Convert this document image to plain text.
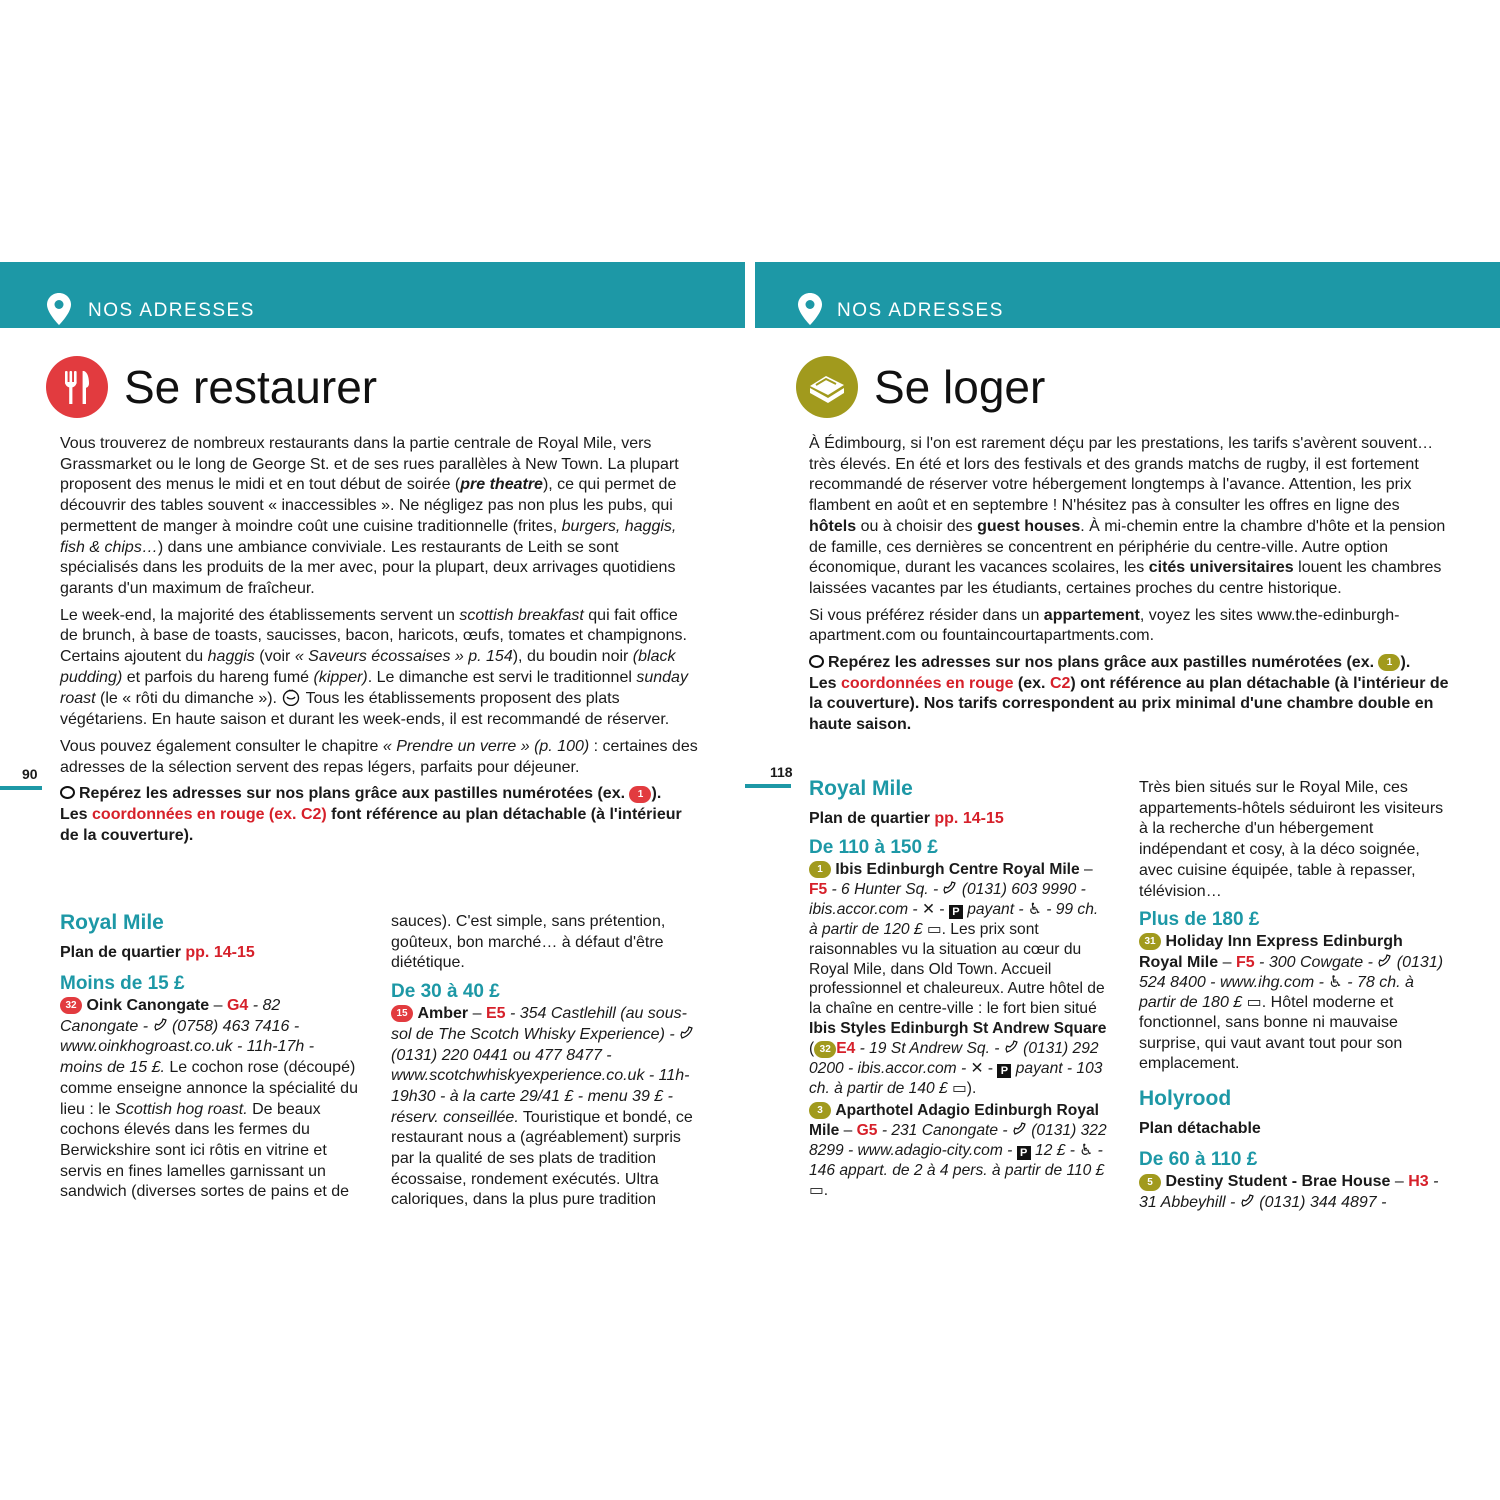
NOS ADRESSES	NOS ADRESSES
Se restaurer	Se loger
90	118

Vous trouverez de nombreux restaurants dans la partie centrale de Royal Mile, vers Grassmarket ou le long de George St. et de ses rues parallèles à New Town. La plupart proposent des menus le midi et en tout début de soirée (pre theatre), ce qui permet de découvrir des tables souvent « inaccessibles ». Ne négligez pas non plus les pubs, qui permettent de manger à moindre coût une cuisine traditionnelle (frites, burgers, haggis, fish & chips…) dans une ambiance conviviale. Les restaurants de Leith se sont spécialisés dans les produits de la mer avec, pour la plupart, deux arrivages quotidiens garants d'un maximum de fraîcheur.

Le week-end, la majorité des établissements servent un scottish breakfast qui fait office de brunch, à base de toasts, saucisses, bacon, haricots, œufs, tomates et champignons. Certains ajoutent du haggis (voir « Saveurs écossaises » p. 154), du boudin noir (black pudding) et parfois du hareng fumé (kipper). Le dimanche est servi le traditionnel sunday roast (le « rôti du dimanche »).  Tous les établissements proposent des plats végétariens. En haute saison et durant les week-ends, il est recommandé de réserver.

Vous pouvez également consulter le chapitre « Prendre un verre » (p. 100) : certaines des adresses de la sélection servent des repas légers, parfaits pour déjeuner.

Repérez les adresses sur nos plans grâce aux pastilles numérotées (ex. 1 ).
Les coordonnées en rouge (ex. C2) font référence au plan détachable (à l'intérieur de la couverture).

Royal Mile
Plan de quartier pp. 14-15
Moins de 15 £

32 Oink Canongate – G4 - 82 Canongate -  (0758) 463 7416 - www.oinkhogroast.co.uk - 11h-17h - moins de 15 £. Le cochon rose (découpé) comme enseigne annonce la spécialité du lieu : le Scottish hog roast. De beaux cochons élevés dans les fermes du Berwickshire sont ici rôtis en vitrine et servis en fines lamelles garnissant un sandwich (diverses sortes de pains et de

sauces). C'est simple, sans prétention, goûteux, bon marché… à défaut d'être diététique.

De 30 à 40 £

15 Amber – E5 - 354 Castlehill (au sous-sol de The Scotch Whisky Experience) -  (0131) 220 0441 ou 477 8477 - www.scotchwhiskyexperience.co.uk - 11h-19h30 - à la carte 29/41 £ - menu 39 £ - réserv. conseillée. Touristique et bondé, ce restaurant nous a (agréablement) surpris par la qualité de ses plats de tradition écossaise, rondement exécutés. Ultra caloriques, dans la plus pure tradition

À Édimbourg, si l'on est rarement déçu par les prestations, les tarifs s'avèrent souvent… très élevés. En été et lors des festivals et des grands matchs de rugby, il est fortement recommandé de réserver votre hébergement longtemps à l'avance. Attention, les prix flambent en août et en septembre ! N'hésitez pas à consulter les offres en ligne des hôtels ou à choisir des guest houses. À mi-chemin entre la chambre d'hôte et la pension de famille, ces dernières se concentrent en périphérie du centre-ville. Autre option économique, durant les vacances scolaires, les cités universitaires louent les chambres laissées vacantes par les étudiants, certaines proches du centre historique.

Si vous préférez résider dans un appartement, voyez les sites www.the-edinburgh-apartment.com ou fountaincourtapartments.com.

Repérez les adresses sur nos plans grâce aux pastilles numérotées (ex. 1 ).
Les coordonnées en rouge (ex. C2) ont référence au plan détachable (à l'intérieur de la couverture). Nos tarifs correspondent au prix minimal d'une chambre double en haute saison.

Royal Mile
Plan de quartier pp. 14-15
De 110 à 150 £

1 Ibis Edinburgh Centre Royal Mile – F5 - 6 Hunter Sq. -  (0131) 603 9990 - ibis.accor.com - ✕ - P payant - ♿ - 99 ch. à partir de 120 £ ▭. Les prix sont raisonnables vu la situation au cœur du Royal Mile, dans Old Town. Accueil professionnel et chaleureux. Autre hôtel de la chaîne en centre-ville : le fort bien situé Ibis Styles Edinburgh St Andrew Square ( 32 E4 - 19 St Andrew Sq. -  (0131) 292 0200 - ibis.accor.com - ✕ - P payant - 103 ch. à partir de 140 £ ▭).

3 Aparthotel Adagio Edinburgh Royal Mile – G5 - 231 Canongate -  (0131) 322 8299 - www.adagio-city.com - P 12 £ - ♿ - 146 appart. de 2 à 4 pers. à partir de 110 £ ▭.

Très bien situés sur le Royal Mile, ces appartements-hôtels séduiront les visiteurs à la recherche d'un hébergement indépendant et cosy, à la déco soignée, avec cuisine équipée, table à repasser, télévision…

Plus de 180 £

31 Holiday Inn Express Edinburgh Royal Mile – F5 - 300 Cowgate -  (0131) 524 8400 - www.ihg.com - ♿ - 78 ch. à partir de 180 £ ▭. Hôtel moderne et fonctionnel, sans bonne ni mauvaise surprise, qui vaut avant tout pour son emplacement.

Holyrood
Plan détachable
De 60 à 110 £

5 Destiny Student - Brae House – H3 - 31 Abbeyhill -  (0131) 344 4897 -
